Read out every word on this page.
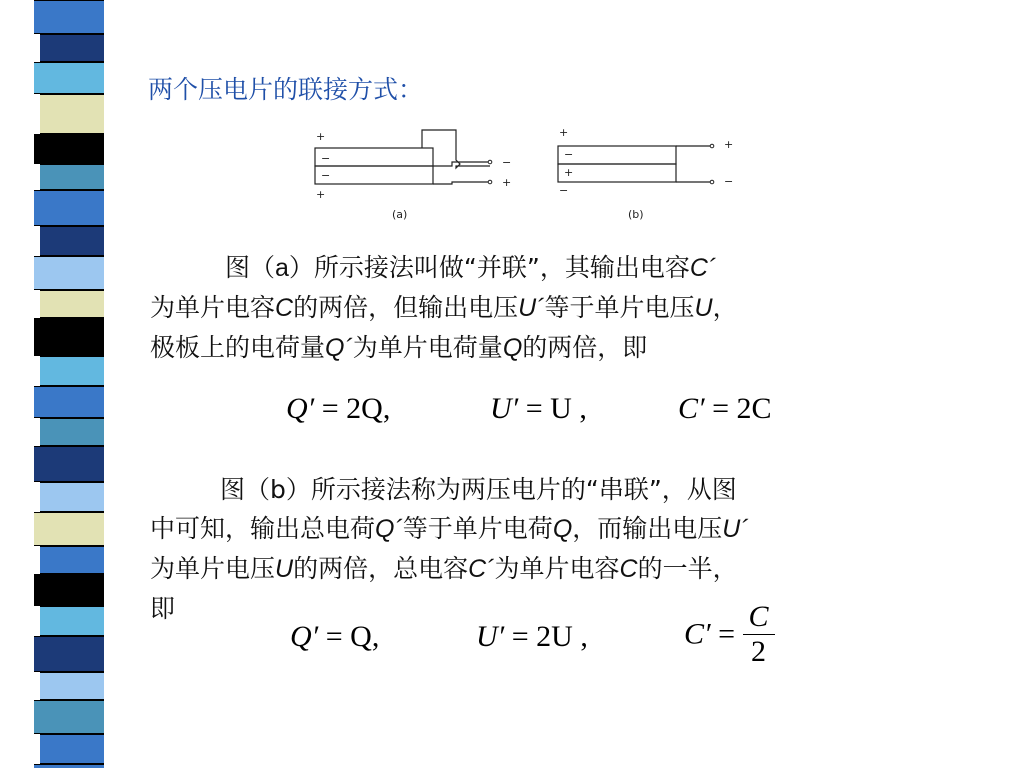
两个压电片的联接方式：
+
−
−
+
−
+
(a)
+
−
+
−
+
−
(b)
图（a）所示接法叫做“并联”，其输出电容C´
为单片电容C的两倍，但输出电压U´等于单片电压U，
极板上的电荷量Q´为单片电荷量Q的两倍，即
Q′ = 2Q,	U′ = U ,	C′ = 2C
图（b）所示接法称为两压电片的“串联”，从图
中可知，输出总电荷Q´等于单片电荷Q，而输出电压U´
为单片电压U的两倍，总电容C´为单片电容C的一半，
即
Q′ = Q,	U′ = 2U ,	$C' = \frac{C}{2}$
